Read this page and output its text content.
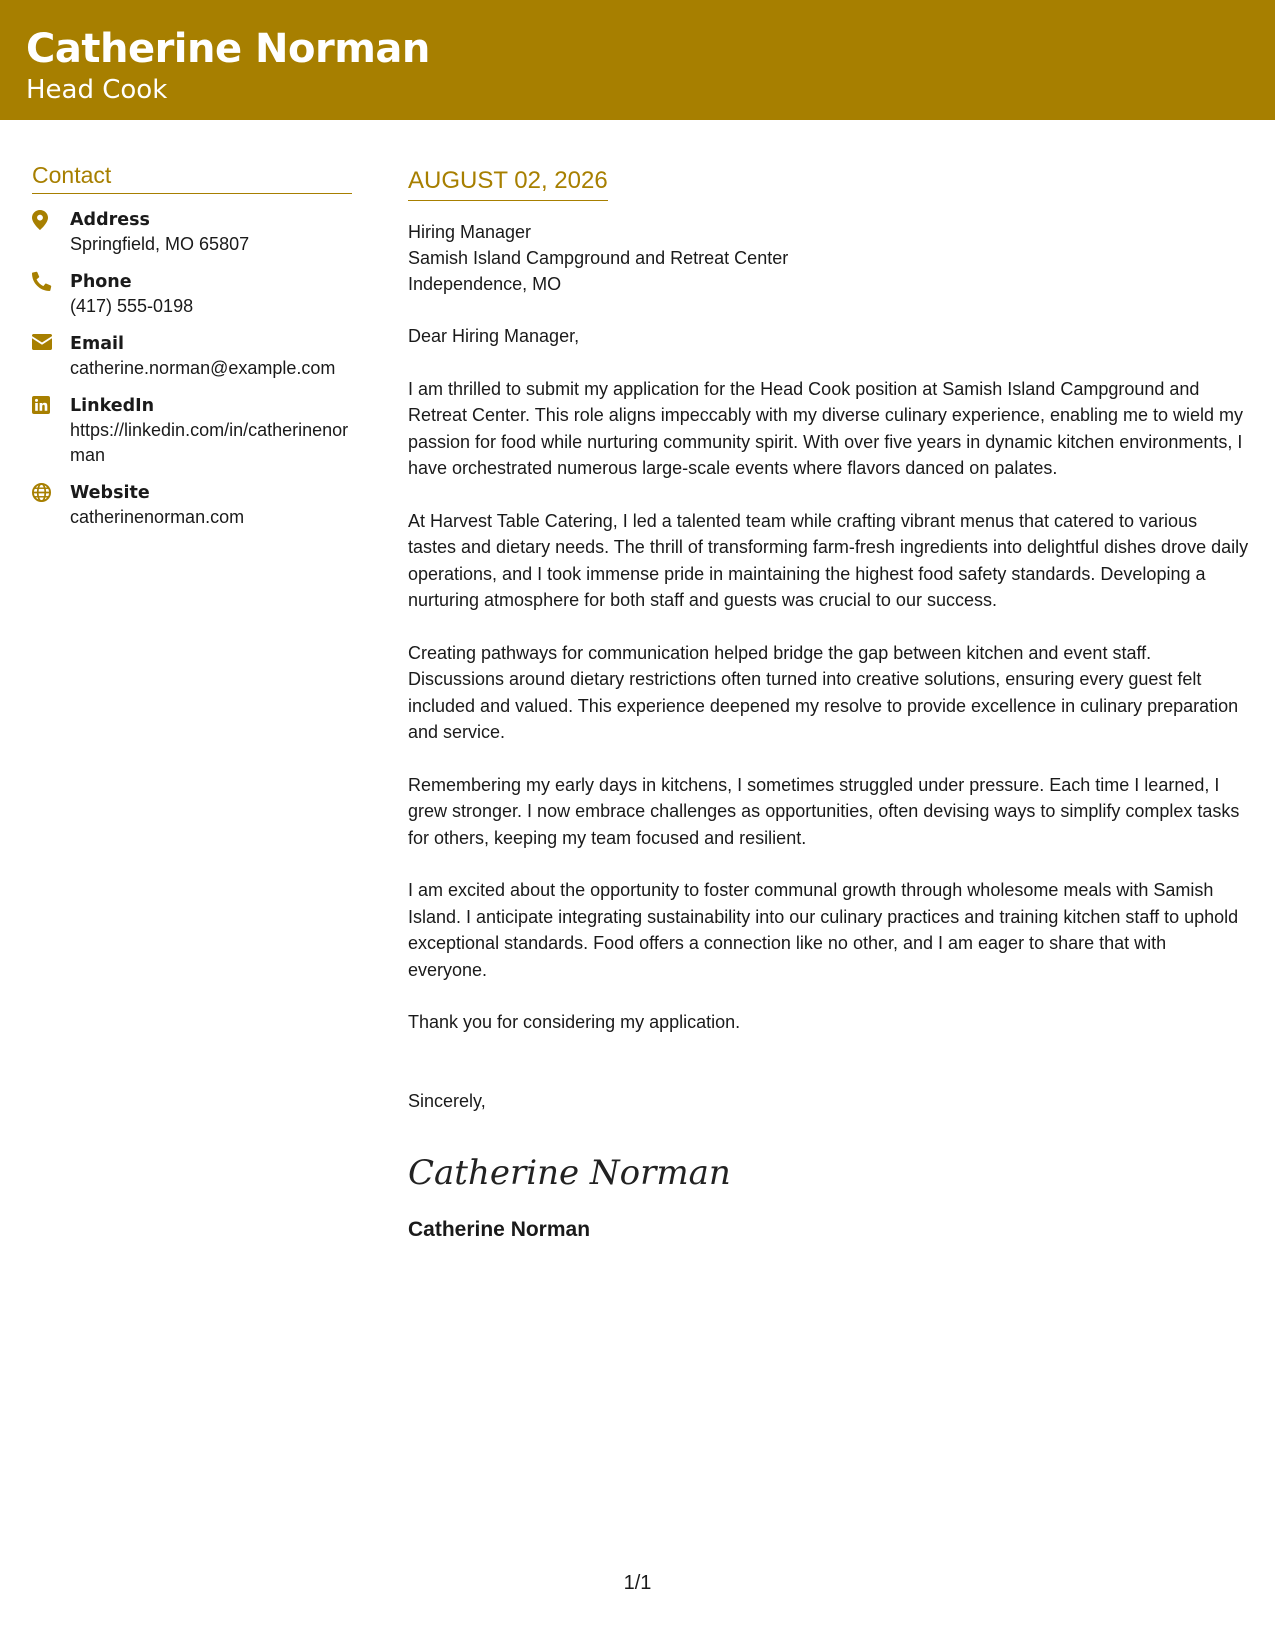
Catherine Norman
Head Cook
Contact
Address
Springfield, MO 65807
Phone
(417) 555-0198
Email
catherine.norman@example.com
LinkedIn
https://linkedin.com/in/catherinenorman
Website
catherinenorman.com
AUGUST 02, 2026
Hiring Manager
Samish Island Campground and Retreat Center
Independence, MO
Dear Hiring Manager,

I am thrilled to submit my application for the Head Cook position at Samish Island Campground and Retreat Center. This role aligns impeccably with my diverse culinary experience, enabling me to wield my passion for food while nurturing community spirit. With over five years in dynamic kitchen environments, I have orchestrated numerous large-scale events where flavors danced on palates.

At Harvest Table Catering, I led a talented team while crafting vibrant menus that catered to various tastes and dietary needs. The thrill of transforming farm-fresh ingredients into delightful dishes drove daily operations, and I took immense pride in maintaining the highest food safety standards. Developing a nurturing atmosphere for both staff and guests was crucial to our success.

Creating pathways for communication helped bridge the gap between kitchen and event staff. Discussions around dietary restrictions often turned into creative solutions, ensuring every guest felt included and valued. This experience deepened my resolve to provide excellence in culinary preparation and service.

Remembering my early days in kitchens, I sometimes struggled under pressure. Each time I learned, I grew stronger. I now embrace challenges as opportunities, often devising ways to simplify complex tasks for others, keeping my team focused and resilient.

I am excited about the opportunity to foster communal growth through wholesome meals with Samish Island. I anticipate integrating sustainability into our culinary practices and training kitchen staff to uphold exceptional standards. Food offers a connection like no other, and I am eager to share that with everyone.

Thank you for considering my application.

Sincerely,
Catherine Norman
Catherine Norman
1/1
